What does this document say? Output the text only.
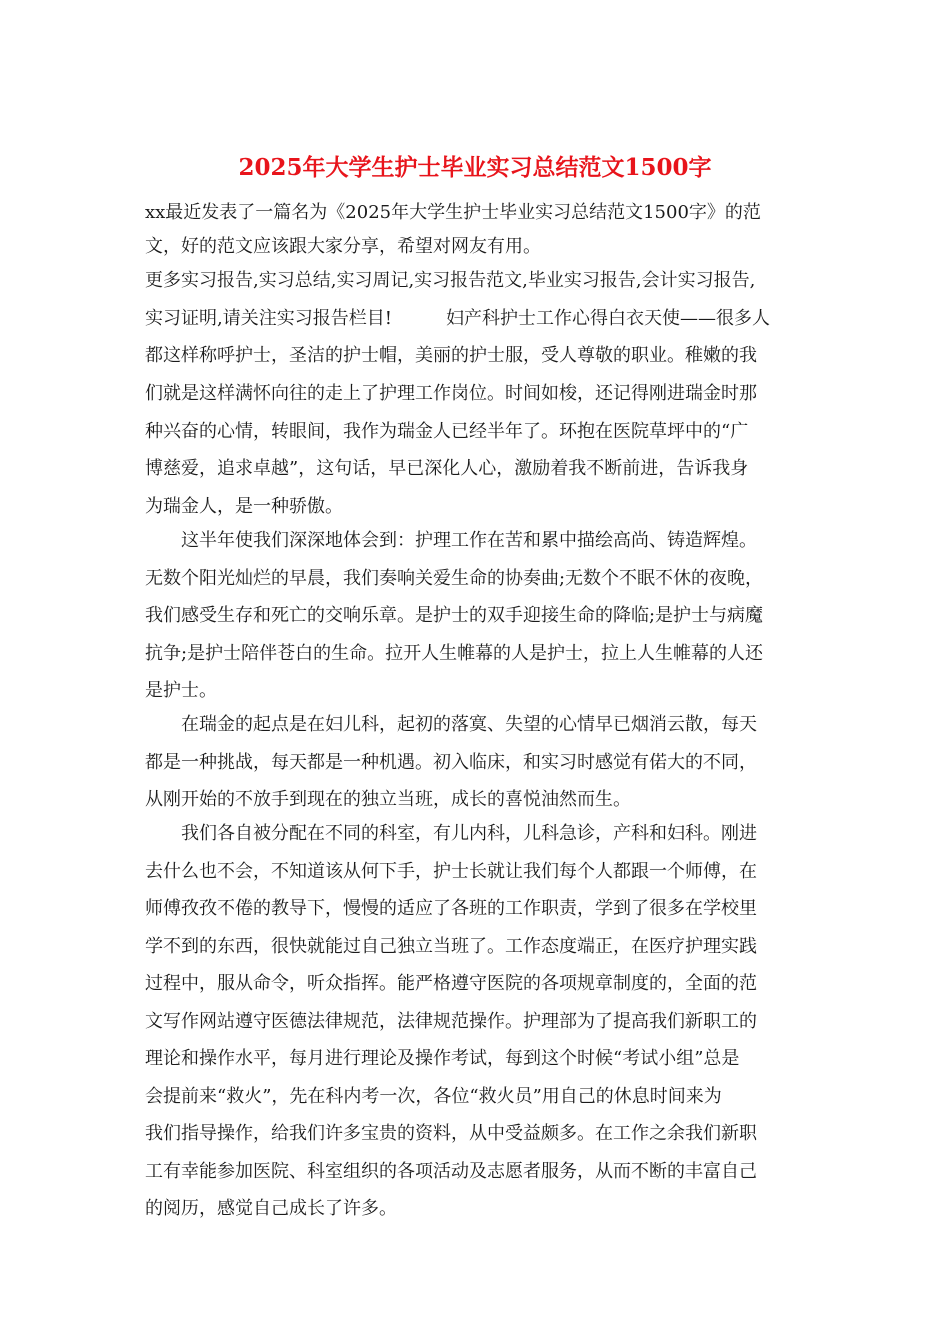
2025年大学生护士毕业实习总结范文1500字

xx最近发表了一篇名为《2025年大学生护士毕业实习总结范文1500字》的范

文，好的范文应该跟大家分享，希望对网友有用。

更多实习报告,实习总结,实习周记,实习报告范文,毕业实习报告,会计实习报告,

实习证明,请关注实习报告栏目!　　　妇产科护士工作心得白衣天使——很多人

都这样称呼护士，圣洁的护士帽，美丽的护士服，受人尊敬的职业。稚嫩的我

们就是这样满怀向往的走上了护理工作岗位。时间如梭，还记得刚进瑞金时那

种兴奋的心情，转眼间，我作为瑞金人已经半年了。环抱在医院草坪中的“广

博慈爱，追求卓越”，这句话，早已深化人心，激励着我不断前进，告诉我身

为瑞金人，是一种骄傲。

　　这半年使我们深深地体会到：护理工作在苦和累中描绘高尚、铸造辉煌。

无数个阳光灿烂的早晨，我们奏响关爱生命的协奏曲;无数个不眠不休的夜晚，

我们感受生存和死亡的交响乐章。是护士的双手迎接生命的降临;是护士与病魔

抗争;是护士陪伴苍白的生命。拉开人生帷幕的人是护士，拉上人生帷幕的人还

是护士。

　　在瑞金的起点是在妇儿科，起初的落寞、失望的心情早已烟消云散，每天

都是一种挑战，每天都是一种机遇。初入临床，和实习时感觉有偌大的不同，

从刚开始的不放手到现在的独立当班，成长的喜悦油然而生。

　　我们各自被分配在不同的科室，有儿内科，儿科急诊，产科和妇科。刚进

去什么也不会，不知道该从何下手，护士长就让我们每个人都跟一个师傅，在

师傅孜孜不倦的教导下，慢慢的适应了各班的工作职责，学到了很多在学校里

学不到的东西，很快就能过自己独立当班了。工作态度端正，在医疗护理实践

过程中，服从命令，听众指挥。能严格遵守医院的各项规章制度的，全面的范

文写作网站遵守医德法律规范，法律规范操作。护理部为了提高我们新职工的

理论和操作水平，每月进行理论及操作考试，每到这个时候“考试小组”总是

会提前来“救火”，先在科内考一次，各位“救火员”用自己的休息时间来为

我们指导操作，给我们许多宝贵的资料，从中受益颇多。在工作之余我们新职

工有幸能参加医院、科室组织的各项活动及志愿者服务，从而不断的丰富自己

的阅历，感觉自己成长了许多。
